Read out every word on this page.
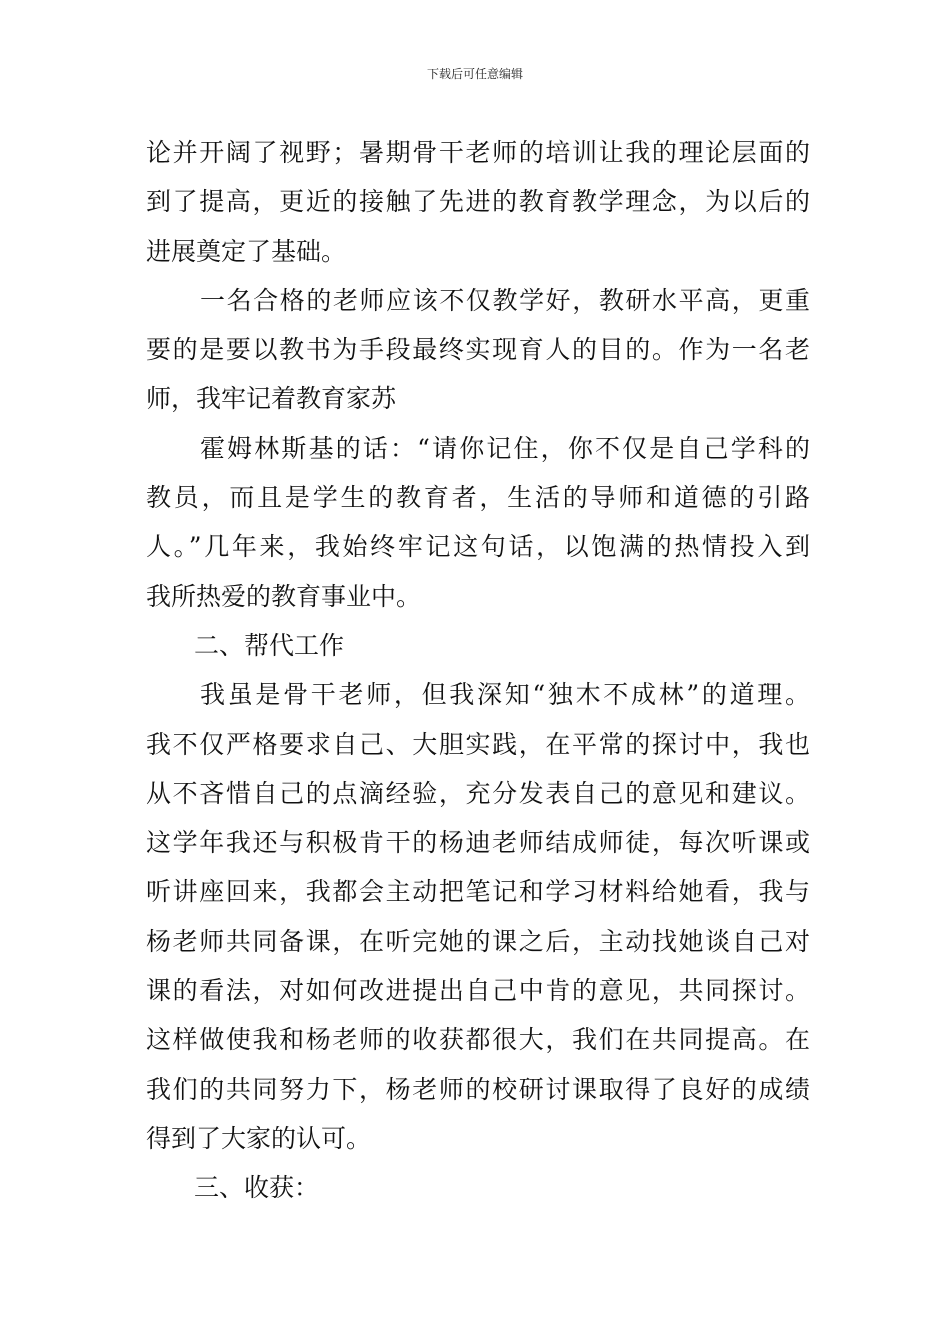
下载后可任意编辑
论并开阔了视野；暑期骨干老师的培训让我的理论层面的
到了提高，更近的接触了先进的教育教学理念，为以后的
进展奠定了基础。
一名合格的老师应该不仅教学好，教研水平高，更重
要的是要以教书为手段最终实现育人的目的。作为一名老
师，我牢记着教育家苏
霍姆林斯基的话：“请你记住，你不仅是自己学科的
教员，而且是学生的教育者，生活的导师和道德的引路
人。”几年来，我始终牢记这句话，以饱满的热情投入到
我所热爱的教育事业中。
二、帮代工作
我虽是骨干老师，但我深知“独木不成林”的道理。
我不仅严格要求自己、大胆实践，在平常的探讨中，我也
从不吝惜自己的点滴经验，充分发表自己的意见和建议。
这学年我还与积极肯干的杨迪老师结成师徒，每次听课或
听讲座回来，我都会主动把笔记和学习材料给她看，我与
杨老师共同备课，在听完她的课之后，主动找她谈自己对
课的看法，对如何改进提出自己中肯的意见，共同探讨。
这样做使我和杨老师的收获都很大，我们在共同提高。在
我们的共同努力下，杨老师的校研讨课取得了良好的成绩
得到了大家的认可。
三、收获：
